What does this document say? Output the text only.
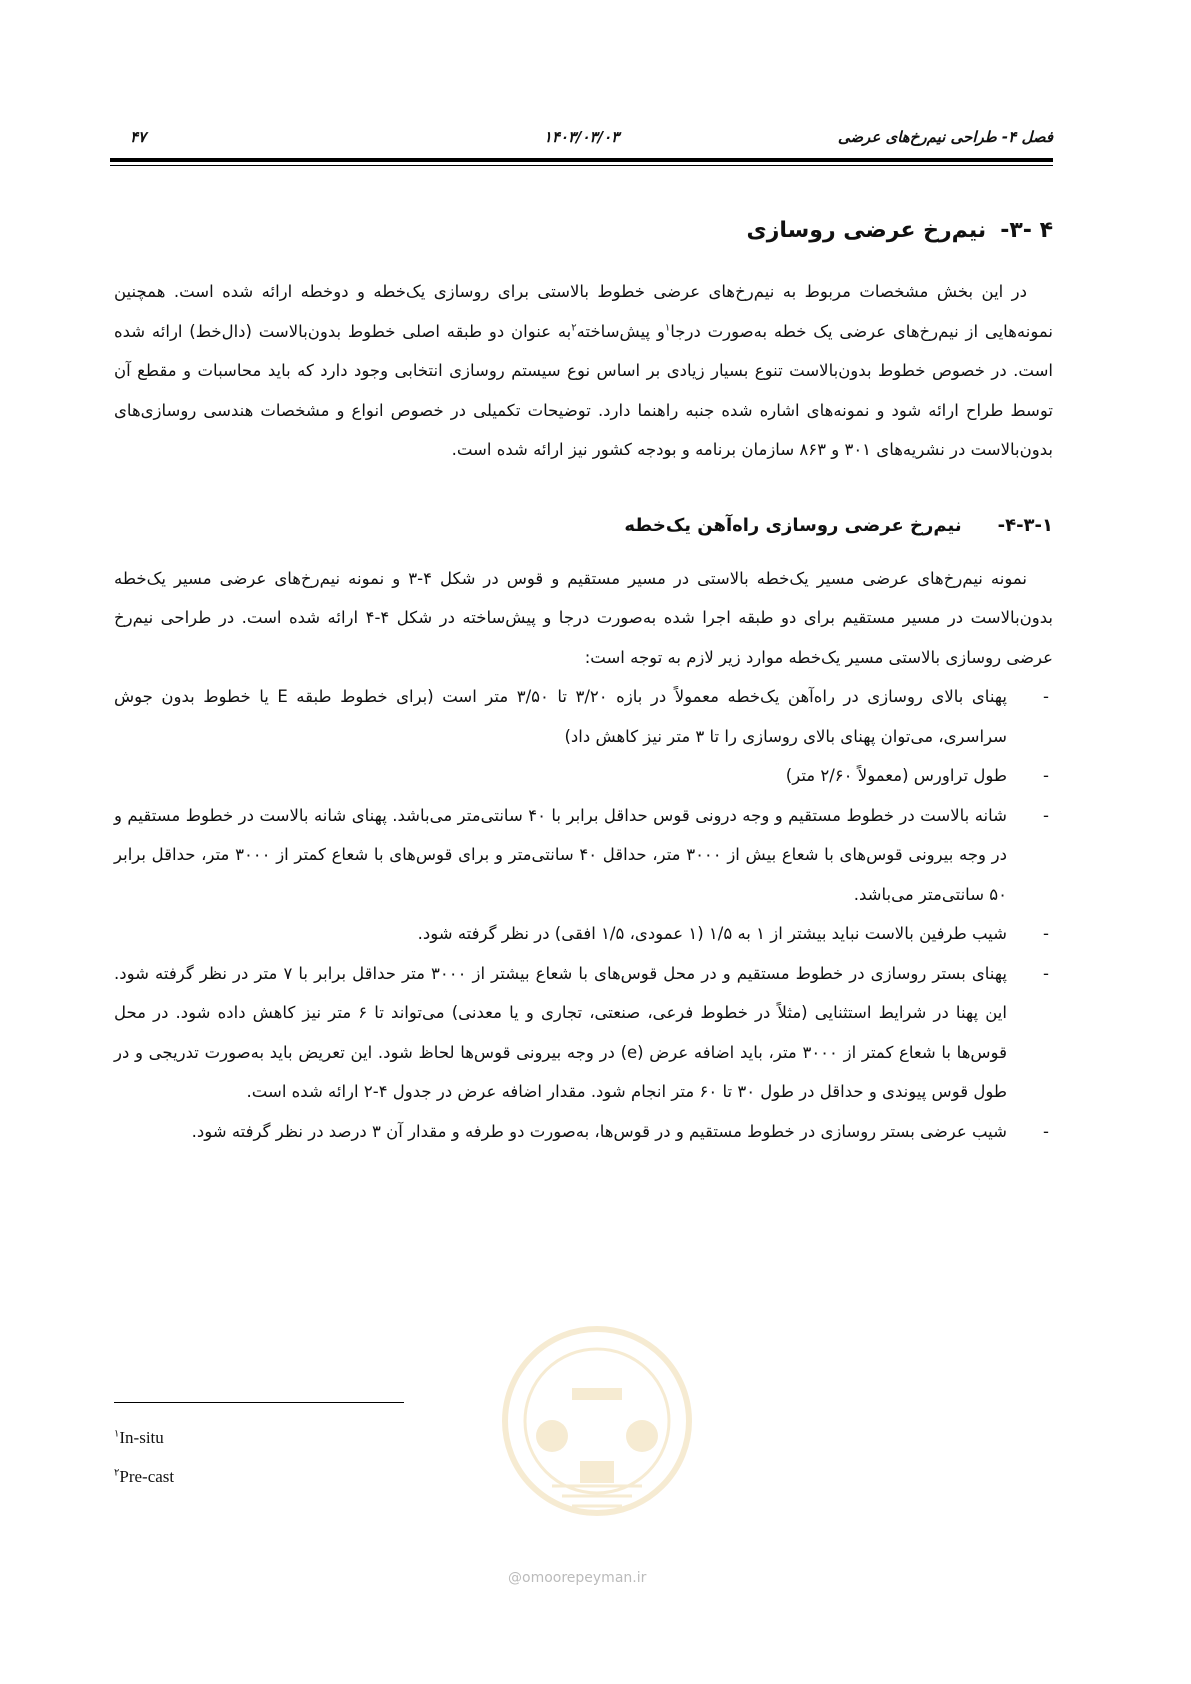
فصل ۴- طراحی نیم‌رخ‌های عرضی
۱۴۰۳/۰۳/۰۳
۴۷
۴ -۳-نیم‌رخ عرضی روسازی

در این بخش مشخصات مربوط به نیم‌رخ‌های عرضی خطوط بالاستی برای روسازی یک‌خطه و دوخطه ارائه شده است. همچنین نمونه‌هایی از نیم‌رخ‌های عرضی یک خطه به‌صورت درجا$^۱$و پیش‌ساخته$^۲$به عنوان دو طبقه اصلی خطوط بدون‌بالاست (دال‌خط) ارائه شده است. در خصوص خطوط بدون‌بالاست تنوع بسیار زیادی بر اساس نوع سیستم روسازی انتخابی وجود دارد که باید محاسبات و مقطع آن توسط طراح ارائه شود و نمونه‌های اشاره شده جنبه راهنما دارد. توضیحات تکمیلی در خصوص انواع و مشخصات هندسی روسازی‌های بدون‌بالاست در نشریه‌های ۳۰۱ و ۸۶۳ سازمان برنامه و بودجه کشور نیز ارائه شده است.

۴-۳-۱-نیم‌رخ عرضی روسازی راه‌آهن یک‌خطه

نمونه نیم‌رخ‌های عرضی مسیر یک‌خطه بالاستی در مسیر مستقیم و قوس در شکل ۴-۳ و نمونه نیم‌رخ‌های عرضی مسیر یک‌خطه بدون‌بالاست در مسیر مستقیم برای دو طبقه اجرا شده به‌صورت درجا و پیش‌ساخته در شکل ۴-۴ ارائه شده است. در طراحی نیم‌رخ عرضی روسازی بالاستی مسیر یک‌خطه موارد زیر لازم به توجه است:

-
پهنای بالای روسازی در راه‌آهن یک‌خطه معمولاً در بازه ۳/۲۰ تا ۳/۵۰ متر است (برای خطوط طبقه E یا خطوط بدون جوش سراسری، می‌توان پهنای بالای روسازی را تا ۳ متر نیز کاهش داد)
-
طول تراورس (معمولاً ۲/۶۰ متر)
-
شانه بالاست در خطوط مستقیم و وجه درونی قوس حداقل برابر با ۴۰ سانتی‌متر می‌باشد. پهنای شانه بالاست در خطوط مستقیم و در وجه بیرونی قوس‌های با شعاع بیش از ۳۰۰۰ متر، حداقل ۴۰ سانتی‌متر و برای قوس‌های با شعاع کمتر از ۳۰۰۰ متر، حداقل برابر ۵۰ سانتی‌متر می‌باشد.
-
شیب طرفین بالاست نباید بیشتر از ۱ به ۱/۵ (۱ عمودی، ۱/۵ افقی) در نظر گرفته شود.
-
پهنای بستر روسازی در خطوط مستقیم و در محل قوس‌های با شعاع بیشتر از ۳۰۰۰ متر حداقل برابر با ۷ متر در نظر گرفته شود. این پهنا در شرایط استثنایی (مثلاً در خطوط فرعی، صنعتی، تجاری و یا معدنی) می‌تواند تا ۶ متر نیز کاهش داده شود. در محل قوس‌ها با شعاع کمتر از ۳۰۰۰ متر، باید اضافه عرض (e) در وجه بیرونی قوس‌ها لحاظ شود. این تعریض باید به‌صورت تدریجی و در طول قوس پیوندی و حداقل در طول ۳۰ تا ۶۰ متر انجام شود. مقدار اضافه عرض در جدول ۴-۲ ارائه شده است.
-
شیب عرضی بستر روسازی در خطوط مستقیم و در قوس‌ها، به‌صورت دو طرفه و مقدار آن ۳ درصد در نظر گرفته شود.
@omoorepeyman.ir
$^۱$In-situ
$^۲$Pre-cast
